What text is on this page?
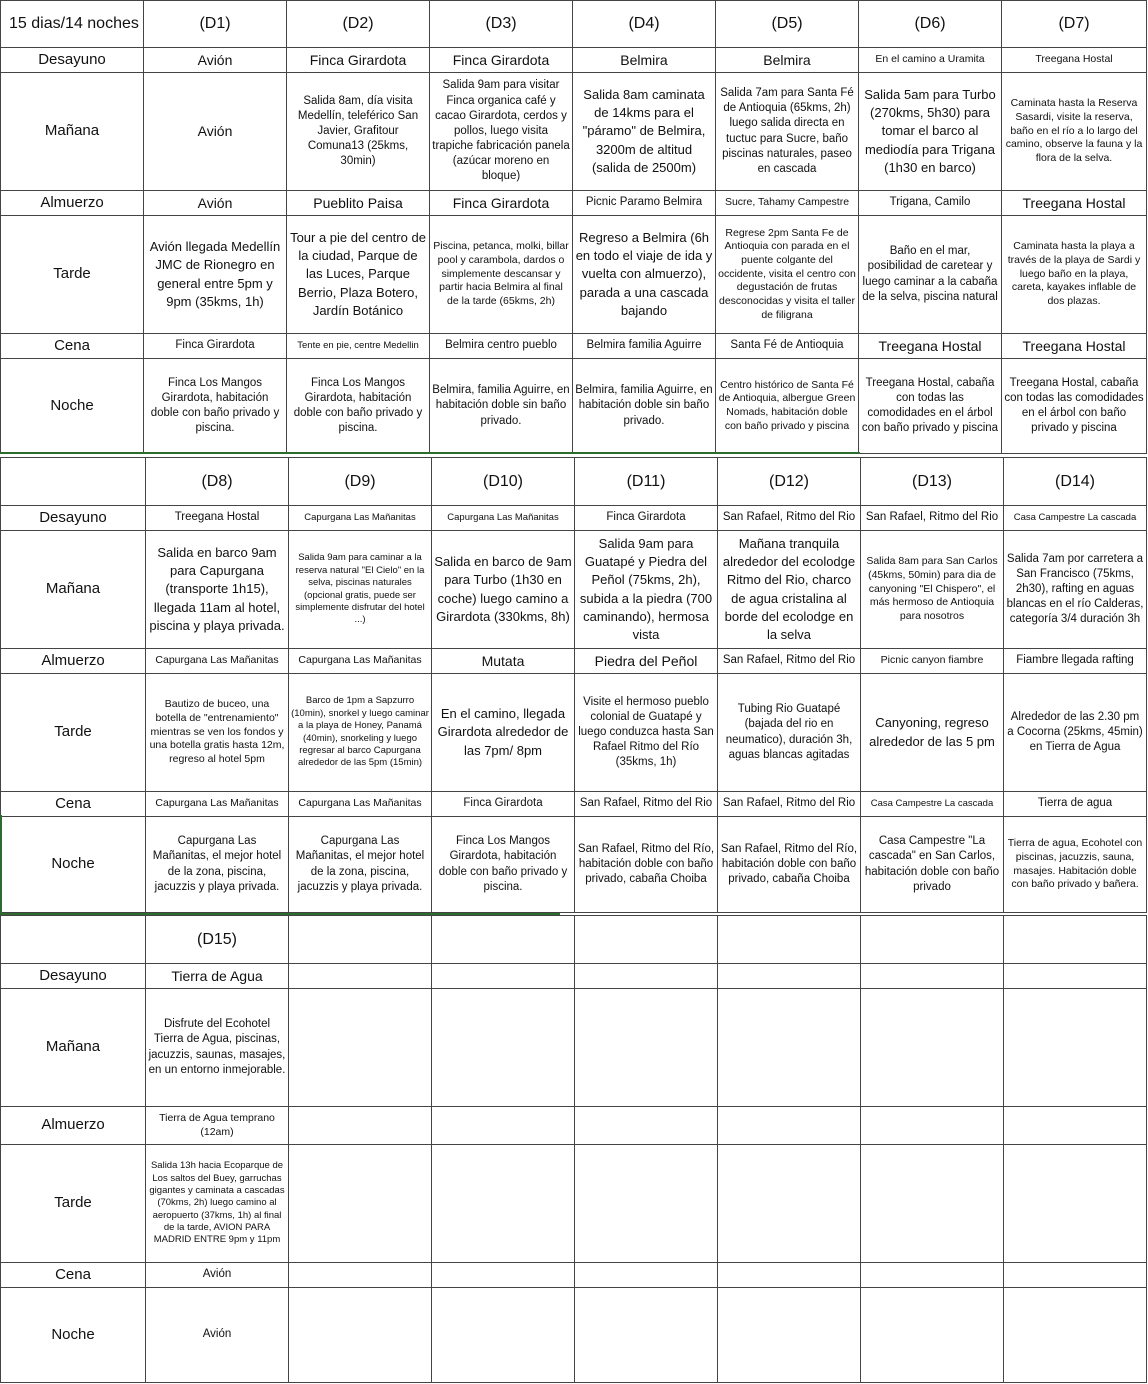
15 dias/14 noches	(D1)	(D2)	(D3)	(D4)	(D5)	(D6)	(D7)
Desayuno	Avión	Finca Girardota	Finca Girardota	Belmira	Belmira	En el camino a Uramita	Treegana Hostal
Mañana	Avión	Salida 8am, día visita Medellín, teleférico San Javier, Grafitour Comuna13 (25kms, 30min)	Salida 9am para visitar Finca organica café y cacao Girardota, cerdos y pollos, luego visita trapiche fabricación panela (azúcar moreno en bloque)	Salida 8am caminata de 14kms para el "páramo" de Belmira, 3200m de altitud (salida de 2500m)	Salida 7am para Santa Fé de Antioquia (65kms, 2h) luego salida directa en tuctuc para Sucre, baño piscinas naturales, paseo en cascada	Salida 5am para Turbo (270kms, 5h30) para tomar el barco al mediodía para Trigana (1h30 en barco)	Caminata hasta la Reserva Sasardi, visite la reserva, baño en el río a lo largo del camino, observe la fauna y la flora de la selva.
Almuerzo	Avión	Pueblito Paisa	Finca Girardota	Picnic Paramo Belmira	Sucre, Tahamy Campestre	Trigana, Camilo	Treegana Hostal
Tarde	Avión llegada Medellín JMC de Rionegro en general entre 5pm y 9pm (35kms, 1h)	Tour a pie del centro de la ciudad, Parque de las Luces, Parque Berrio, Plaza Botero, Jardín Botánico	Piscina, petanca, molki, billar pool y carambola, dardos o simplemente descansar y partir hacia Belmira al final de la tarde (65kms, 2h)	Regreso a Belmira (6h en todo el viaje de ida y vuelta con almuerzo), parada a una cascada bajando	Regrese 2pm Santa Fe de Antioquia con parada en el puente colgante del occidente, visita el centro con degustación de frutas desconocidas y visita el taller de filigrana	Baño en el mar, posibilidad de caretear y luego caminar a la cabaña de la selva, piscina natural	Caminata hasta la playa a través de la playa de Sardi y luego baño en la playa, careta, kayakes inflable de dos plazas.
Cena	Finca Girardota	Tente en pie, centre Medellin	Belmira centro pueblo	Belmira familia Aguirre	Santa Fé de Antioquia	Treegana Hostal	Treegana Hostal
Noche	Finca Los Mangos Girardota, habitación doble con baño privado y piscina.	Finca Los Mangos Girardota, habitación doble con baño privado y piscina.	Belmira, familia Aguirre, en habitación doble sin baño privado.	Belmira, familia Aguirre, en habitación doble sin baño privado.	Centro histórico de Santa Fé de Antioquia, albergue Green Nomads, habitación doble con baño privado y piscina	Treegana Hostal, cabaña con todas las comodidades en el árbol con baño privado y piscina	Treegana Hostal, cabaña con todas las comodidades en el árbol con baño privado y piscina
	(D8)	(D9)	(D10)	(D11)	(D12)	(D13)	(D14)
Desayuno	Treegana Hostal	Capurgana Las Mañanitas	Capurgana Las Mañanitas	Finca Girardota	San Rafael, Ritmo del Rio	San Rafael, Ritmo del Rio	Casa Campestre La cascada
Mañana	Salida en barco 9am para Capurgana (transporte 1h15), llegada 11am al hotel, piscina y playa privada.	Salida 9am para caminar a la reserva natural "El Cielo" en la selva, piscinas naturales (opcional gratis, puede ser simplemente disfrutar del hotel ...)	Salida en barco de 9am para Turbo (1h30 en coche) luego camino a Girardota (330kms, 8h)	Salida 9am para Guatapé y Piedra del Peñol (75kms, 2h), subida a la piedra (700 caminando), hermosa vista	Mañana tranquila alrededor del ecolodge Ritmo del Rio, charco de agua cristalina al borde del ecolodge en la selva	Salida 8am para San Carlos (45kms, 50min) para dia de canyoning "El Chispero", el más hermoso de Antioquia para nosotros	Salida 7am por carretera a San Francisco (75kms, 2h30), rafting en aguas blancas en el río Calderas, categoría 3/4 duración 3h
Almuerzo	Capurgana Las Mañanitas	Capurgana Las Mañanitas	Mutata	Piedra del Peñol	San Rafael, Ritmo del Rio	Picnic canyon fiambre	Fiambre llegada rafting
Tarde	Bautizo de buceo, una botella de "entrenamiento" mientras se ven los fondos y una botella gratis hasta 12m, regreso al hotel 5pm	Barco de 1pm a Sapzurro (10min), snorkel y luego caminar a la playa de Honey, Panamá (40min), snorkeling y luego regresar al barco Capurgana alrededor de las 5pm (15min)	En el camino, llegada Girardota alrededor de las 7pm/ 8pm	Visite el hermoso pueblo colonial de Guatapé y luego conduzca hasta San Rafael Ritmo del Río (35kms, 1h)	Tubing Rio Guatapé (bajada del rio en neumatico), duración 3h, aguas blancas agitadas	Canyoning, regreso alrededor de las 5 pm	Alrededor de las 2.30 pm a Cocorna (25kms, 45min) en Tierra de Agua
Cena	Capurgana Las Mañanitas	Capurgana Las Mañanitas	Finca Girardota	San Rafael, Ritmo del Rio	San Rafael, Ritmo del Rio	Casa Campestre La cascada	Tierra de agua
Noche	Capurgana Las Mañanitas, el mejor hotel de la zona, piscina, jacuzzis y playa privada.	Capurgana Las Mañanitas, el mejor hotel de la zona, piscina, jacuzzis y playa privada.	Finca Los Mangos Girardota, habitación doble con baño privado y piscina.	San Rafael, Ritmo del Río, habitación doble con baño privado, cabaña Choiba	San Rafael, Ritmo del Río, habitación doble con baño privado, cabaña Choiba	Casa Campestre "La cascada" en San Carlos, habitación doble con baño privado	Tierra de agua, Ecohotel con piscinas, jacuzzis, sauna, masajes. Habitación doble con baño privado y bañera.
	(D15)						
Desayuno	Tierra de Agua						
Mañana	Disfrute del Ecohotel Tierra de Agua, piscinas, jacuzzis, saunas, masajes, en un entorno inmejorable.						
Almuerzo	Tierra de Agua temprano (12am)						
Tarde	Salida 13h hacia Ecoparque de Los saltos del Buey, garruchas gigantes y caminata a cascadas (70kms, 2h) luego camino al aeropuerto (37kms, 1h) al final de la tarde, AVION PARA MADRID ENTRE 9pm y 11pm						
Cena	Avión						
Noche	Avión						
